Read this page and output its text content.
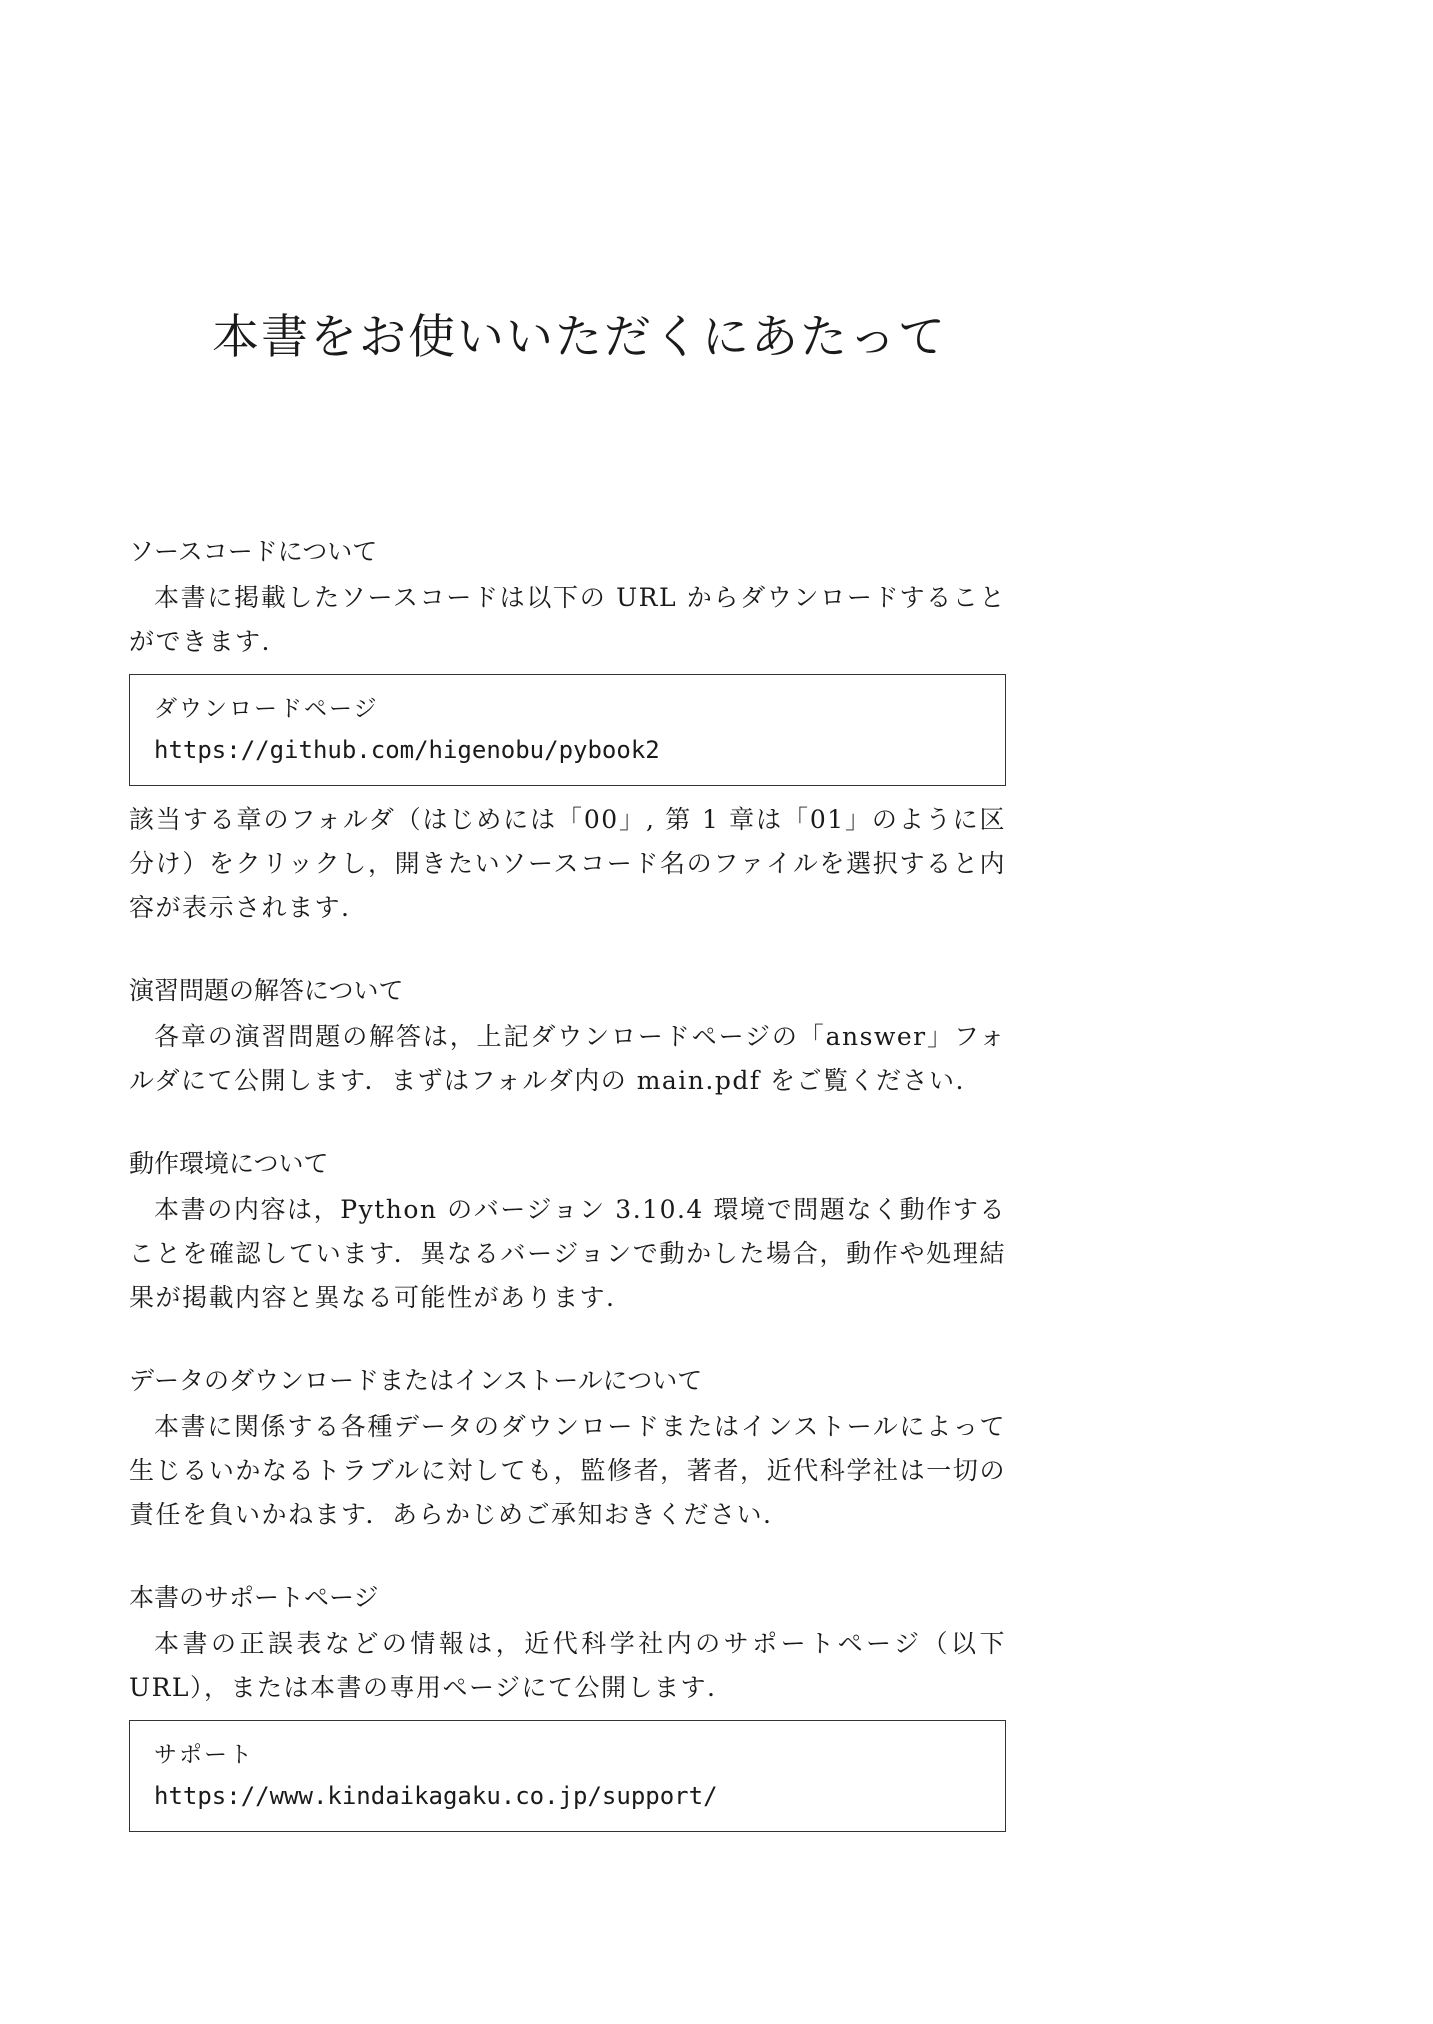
本書をお使いいただくにあたって
ソースコードについて

本書に掲載したソースコードは以下の URL からダウンロードすることができます.

ダウンロードページ
https://github.com/higenobu/pybook2

該当する章のフォルダ（はじめには「00」, 第 1 章は「01」のように区分け）をクリックし，開きたいソースコード名のファイルを選択すると内容が表示されます.

演習問題の解答について

各章の演習問題の解答は，上記ダウンロードページの「answer」フォルダにて公開します．まずはフォルダ内の main.pdf をご覧ください.

動作環境について

本書の内容は，Python のバージョン 3.10.4 環境で問題なく動作することを確認しています．異なるバージョンで動かした場合，動作や処理結果が掲載内容と異なる可能性があります.

データのダウンロードまたはインストールについて

本書に関係する各種データのダウンロードまたはインストールによって生じるいかなるトラブルに対しても，監修者，著者，近代科学社は一切の責任を負いかねます．あらかじめご承知おきください.

本書のサポートページ

本書の正誤表などの情報は，近代科学社内のサポートページ（以下 URL），または本書の専用ページにて公開します.

サポート
https://www.kindaikagaku.co.jp/support/
